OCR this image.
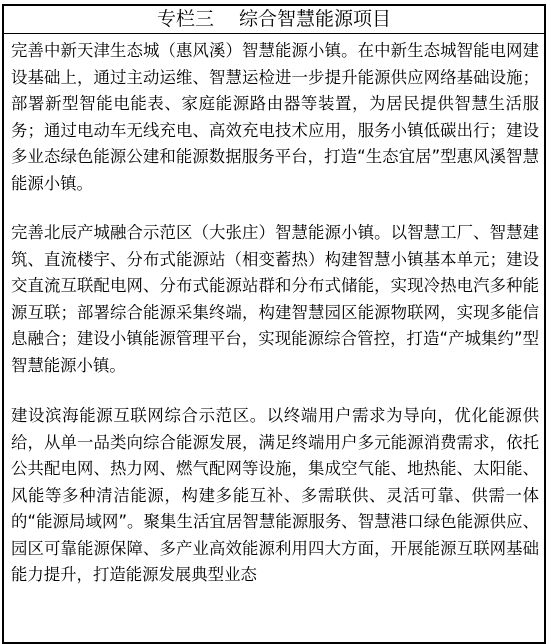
专栏三　 综合智慧能源项目
完善中新天津生态城（惠风溪）智慧能源小镇。在中新生态城智能电网建设基础上，通过主动运维、智慧运检进一步提升能源供应网络基础设施；部署新型智能电能表、家庭能源路由器等装置，为居民提供智慧生活服务；通过电动车无线充电、高效充电技术应用，服务小镇低碳出行；建设多业态绿色能源公建和能源数据服务平台，打造“生态宜居”型惠风溪智慧能源小镇。
完善北辰产城融合示范区（大张庄）智慧能源小镇。以智慧工厂、智慧建筑、直流楼宇、分布式能源站（相变蓄热）构建智慧小镇基本单元；建设交直流互联配电网、分布式能源站群和分布式储能，实现冷热电汽多种能源互联；部署综合能源采集终端，构建智慧园区能源物联网，实现多能信息融合；建设小镇能源管理平台，实现能源综合管控，打造“产城集约”型智慧能源小镇。
建设滨海能源互联网综合示范区。以终端用户需求为导向，优化能源供给，从单一品类向综合能源发展，满足终端用户多元能源消费需求，依托公共配电网、热力网、燃气配网等设施，集成空气能、地热能、太阳能、风能等多种清洁能源，构建多能互补、多需联供、灵活可靠、供需一体的“能源局域网”。聚集生活宜居智慧能源服务、智慧港口绿色能源供应、园区可靠能源保障、多产业高效能源利用四大方面，开展能源互联网基础能力提升，打造能源发展典型业态
